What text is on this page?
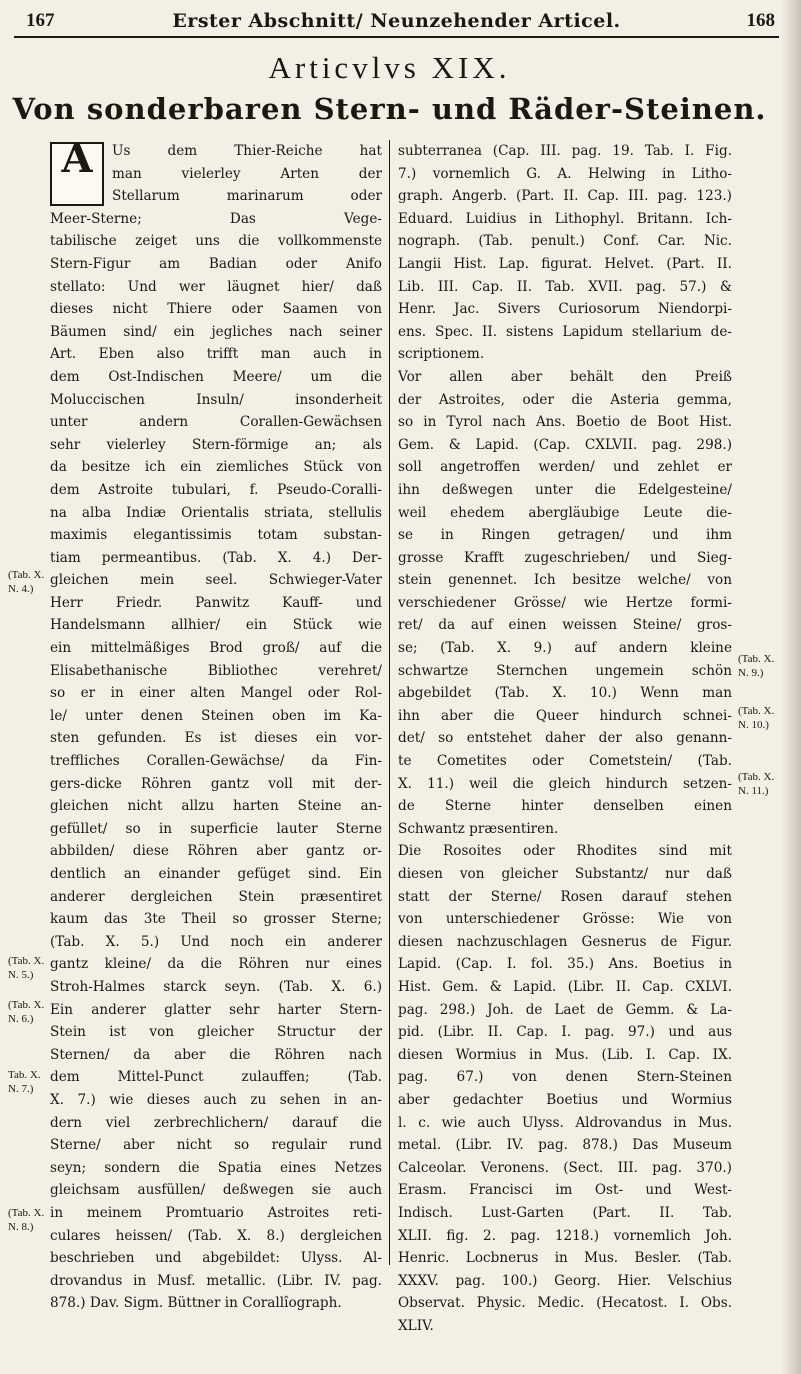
167	Erster Abschnitt/ Neunzehender Articel.	168
Articvlvs XIX.
Von sonderbaren Stern- und Räder-Steinen.
A	Us dem Thier-Reiche hat
man vielerley Arten der
Stellarum marinarum oder
Meer-Sterne; Das Vege-
tabilische zeiget uns die vollkommenste
Stern-Figur am Badian oder Anifo
stellato: Und wer läugnet hier/ daß
dieses nicht Thiere oder Saamen von
Bäumen sind/ ein jegliches nach seiner
Art. Eben also trifft man auch in
dem Ost-Indischen Meere/ um die
Moluccischen Insuln/ insonderheit
unter andern Corallen-Gewächsen
sehr vielerley Stern-förmige an; als
da besitze ich ein ziemliches Stück von
dem Astroite tubulari, f. Pseudo-Coralli-
na alba Indiæ Orientalis striata, stellulis
maximis elegantissimis totam substan-
tiam permeantibus. (Tab. X. 4.) Der-
gleichen mein seel. Schwieger-Vater
Herr Friedr. Panwitz Kauff- und
Handelsmann allhier/ ein Stück wie
ein mittelmäßiges Brod groß/ auf die
Elisabethanische Bibliothec verehret/
so er in einer alten Mangel oder Rol-
le/ unter denen Steinen oben im Ka-
sten gefunden. Es ist dieses ein vor-
treffliches Corallen-Gewächse/ da Fin-
gers-dicke Röhren gantz voll mit der-
gleichen nicht allzu harten Steine an-
gefüllet/ so in superficie lauter Sterne
abbilden/ diese Röhren aber gantz or-
dentlich an einander gefüget sind. Ein
anderer dergleichen Stein præsentiret
kaum das 3te Theil so grosser Sterne;
(Tab. X. 5.) Und noch ein anderer
gantz kleine/ da die Röhren nur eines
Stroh-Halmes starck seyn. (Tab. X. 6.)
Ein anderer glatter sehr harter Stern-
Stein ist von gleicher Structur der
Sternen/ da aber die Röhren nach
dem Mittel-Punct zulauffen; (Tab.
X. 7.) wie dieses auch zu sehen in an-
dern viel zerbrechlichern/ darauf die
Sterne/ aber nicht so regulair rund
seyn; sondern die Spatia eines Netzes
gleichsam ausfüllen/ deßwegen sie auch
in meinem Promtuario Astroites reti-
culares heissen/ (Tab. X. 8.) dergleichen
beschrieben und abgebildet: Ulyss. Al-
drovandus in Musf. metallic. (Libr. IV. pag.
878.) Dav. Sigm. Büttner in Corallîograph.
subterranea (Cap. III. pag. 19. Tab. I. Fig.
7.) vornemlich G. A. Helwing in Litho-
graph. Angerb. (Part. II. Cap. III. pag. 123.)
Eduard. Luidius in Lithophyl. Britann. Ich-
nograph. (Tab. penult.) Conf. Car. Nic.
Langii Hist. Lap. figurat. Helvet. (Part. II.
Lib. III. Cap. II. Tab. XVII. pag. 57.) &
Henr. Jac. Sivers Curiosorum Niendorpi-
ens. Spec. II. sistens Lapidum stellarium de-
scriptionem.
Vor allen aber behält den Preiß
der Astroites, oder die Asteria gemma,
so in Tyrol nach Ans. Boetio de Boot Hist.
Gem. & Lapid. (Cap. CXLVII. pag. 298.)
soll angetroffen werden/ und zehlet er
ihn deßwegen unter die Edelgesteine/
weil ehedem abergläubige Leute die-
se in Ringen getragen/ und ihm
grosse Krafft zugeschrieben/ und Sieg-
stein genennet. Ich besitze welche/ von
verschiedener Grösse/ wie Hertze formi-
ret/ da auf einen weissen Steine/ gros-
se; (Tab. X. 9.) auf andern kleine
schwartze Sternchen ungemein schön
abgebildet (Tab. X. 10.) Wenn man
ihn aber die Queer hindurch schnei-
det/ so entstehet daher der also genann-
te Cometites oder Cometstein/ (Tab.
X. 11.) weil die gleich hindurch setzen-
de Sterne hinter denselben einen
Schwantz præsentiren.
Die Rosoites oder Rhodites sind mit
diesen von gleicher Substantz/ nur daß
statt der Sterne/ Rosen darauf stehen
von unterschiedener Grösse: Wie von
diesen nachzuschlagen Gesnerus de Figur.
Lapid. (Cap. I. fol. 35.) Ans. Boetius in
Hist. Gem. & Lapid. (Libr. II. Cap. CXLVI.
pag. 298.) Joh. de Laet de Gemm. & La-
pid. (Libr. II. Cap. I. pag. 97.) und aus
diesen Wormius in Mus. (Lib. I. Cap. IX.
pag. 67.) von denen Stern-Steinen
aber gedachter Boetius und Wormius
l. c. wie auch Ulyss. Aldrovandus in Mus.
metal. (Libr. IV. pag. 878.) Das Museum
Calceolar. Veronens. (Sect. III. pag. 370.)
Erasm. Francisci im Ost- und West-
Indisch. Lust-Garten (Part. II. Tab.
XLII. fig. 2. pag. 1218.) vornemlich Joh.
Henric. Locbnerus in Mus. Besler. (Tab.
XXXV. pag. 100.) Georg. Hier. Velschius
Observat. Physic. Medic. (Hecatost. I. Obs.
XLIV.
(Tab. X. N. 4.)
(Tab. X. N. 5.)
(Tab. X. N. 6.)
Tab. X. N. 7.)
(Tab. X. N. 8.)
(Tab. X. N. 9.)
(Tab. X. N. 10.)
(Tab. X. N. 11.)
